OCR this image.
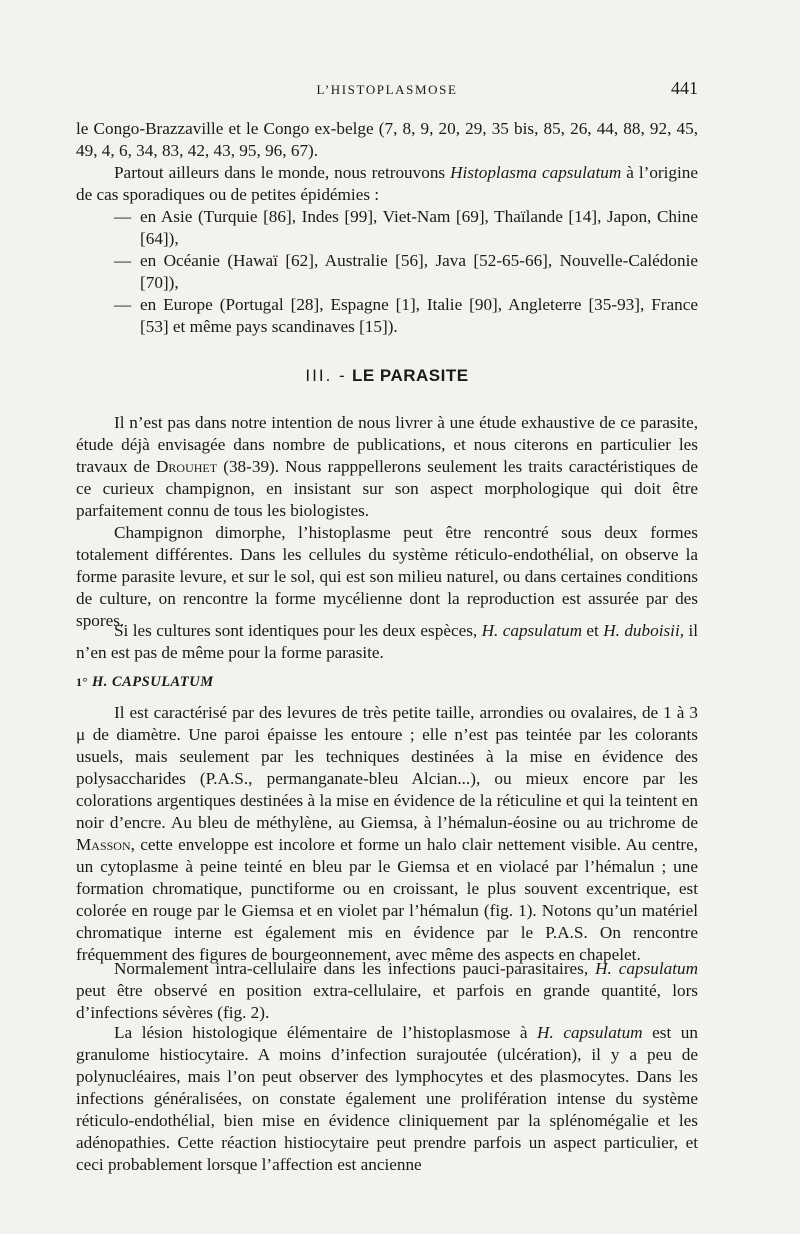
L’HISTOPLASMOSE	441

le Congo-Brazzaville et le Congo ex-belge (7, 8, 9, 20, 29, 35 bis, 85, 26, 44, 88, 92, 45, 49, 4, 6, 34, 83, 42, 43, 95, 96, 67).

Partout ailleurs dans le monde, nous retrouvons Histoplasma capsulatum à l’origine de cas sporadiques ou de petites épidémies :

— en Asie (Turquie [86], Indes [99], Viet-Nam [69], Thaïlande [14], Japon, Chine [64]),
— en Océanie (Hawaï [62], Australie [56], Java [52-65-66], Nouvelle-Calédonie [70]),
— en Europe (Portugal [28], Espagne [1], Italie [90], Angleterre [35-93], France [53] et même pays scandinaves [15]).
III. - LE PARASITE

Il n’est pas dans notre intention de nous livrer à une étude exhaustive de ce parasite, étude déjà envisagée dans nombre de publications, et nous citerons en particulier les travaux de Drouhet (38-39). Nous rapppellerons seulement les traits caractéristiques de ce curieux champignon, en insistant sur son aspect morphologique qui doit être parfaitement connu de tous les biologistes.

Champignon dimorphe, l’histoplasme peut être rencontré sous deux formes totalement différentes. Dans les cellules du système réticulo-endothélial, on observe la forme parasite levure, et sur le sol, qui est son milieu naturel, ou dans certaines conditions de culture, on rencontre la forme mycélienne dont la reproduction est assurée par des spores.

Si les cultures sont identiques pour les deux espèces, H. capsulatum et H. duboisii, il n’en est pas de même pour la forme parasite.

1° H. CAPSULATUM

Il est caractérisé par des levures de très petite taille, arrondies ou ovalaires, de 1 à 3 μ de diamètre. Une paroi épaisse les entoure ; elle n’est pas teintée par les colorants usuels, mais seulement par les techniques destinées à la mise en évidence des polysaccharides (P.A.S., permanganate-bleu Alcian...), ou mieux encore par les colorations argentiques destinées à la mise en évidence de la réticuline et qui la teintent en noir d’encre. Au bleu de méthylène, au Giemsa, à l’hémalun-éosine ou au trichrome de Masson, cette enveloppe est incolore et forme un halo clair nettement visible. Au centre, un cytoplasme à peine teinté en bleu par le Giemsa et en violacé par l’hémalun ; une formation chromatique, punctiforme ou en croissant, le plus souvent excentrique, est colorée en rouge par le Giemsa et en violet par l’hémalun (fig. 1). Notons qu’un matériel chromatique interne est également mis en évidence par le P.A.S. On rencontre fréquemment des figures de bourgeonnement, avec même des aspects en chapelet.

Normalement intra-cellulaire dans les infections pauci-parasitaires, H. capsulatum peut être observé en position extra-cellulaire, et parfois en grande quantité, lors d’infections sévères (fig. 2).

La lésion histologique élémentaire de l’histoplasmose à H. capsulatum est un granulome histiocytaire. A moins d’infection surajoutée (ulcération), il y a peu de polynucléaires, mais l’on peut observer des lymphocytes et des plasmocytes. Dans les infections généralisées, on constate également une prolifération intense du système réticulo-endothélial, bien mise en évidence cliniquement par la splénomégalie et les adénopathies. Cette réaction histiocytaire peut prendre parfois un aspect particulier, et ceci probablement lorsque l’affection est ancienne
